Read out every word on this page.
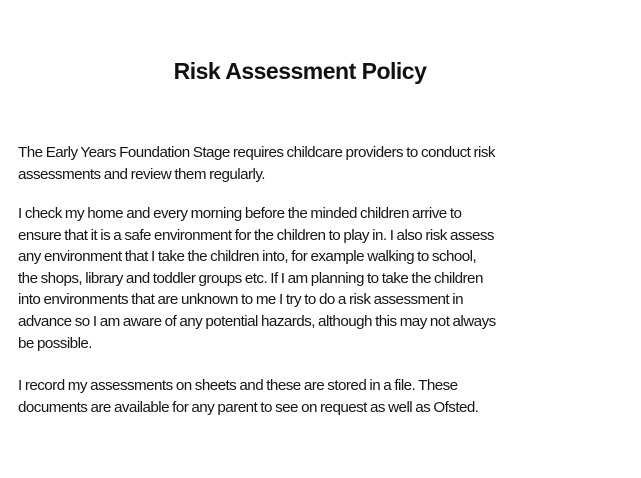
Risk Assessment Policy

The Early Years Foundation Stage requires childcare providers to conduct risk
assessments and review them regularly.

I check my home and every morning before the minded children arrive to
ensure that it is a safe environment for the children to play in. I also risk assess
any environment that I take the children into, for example walking to school,
the shops, library and toddler groups etc. If I am planning to take the children
into environments that are unknown to me I try to do a risk assessment in
advance so I am aware of any potential hazards, although this may not always
be possible.

I record my assessments on sheets and these are stored in a file. These
documents are available for any parent to see on request as well as Ofsted.
